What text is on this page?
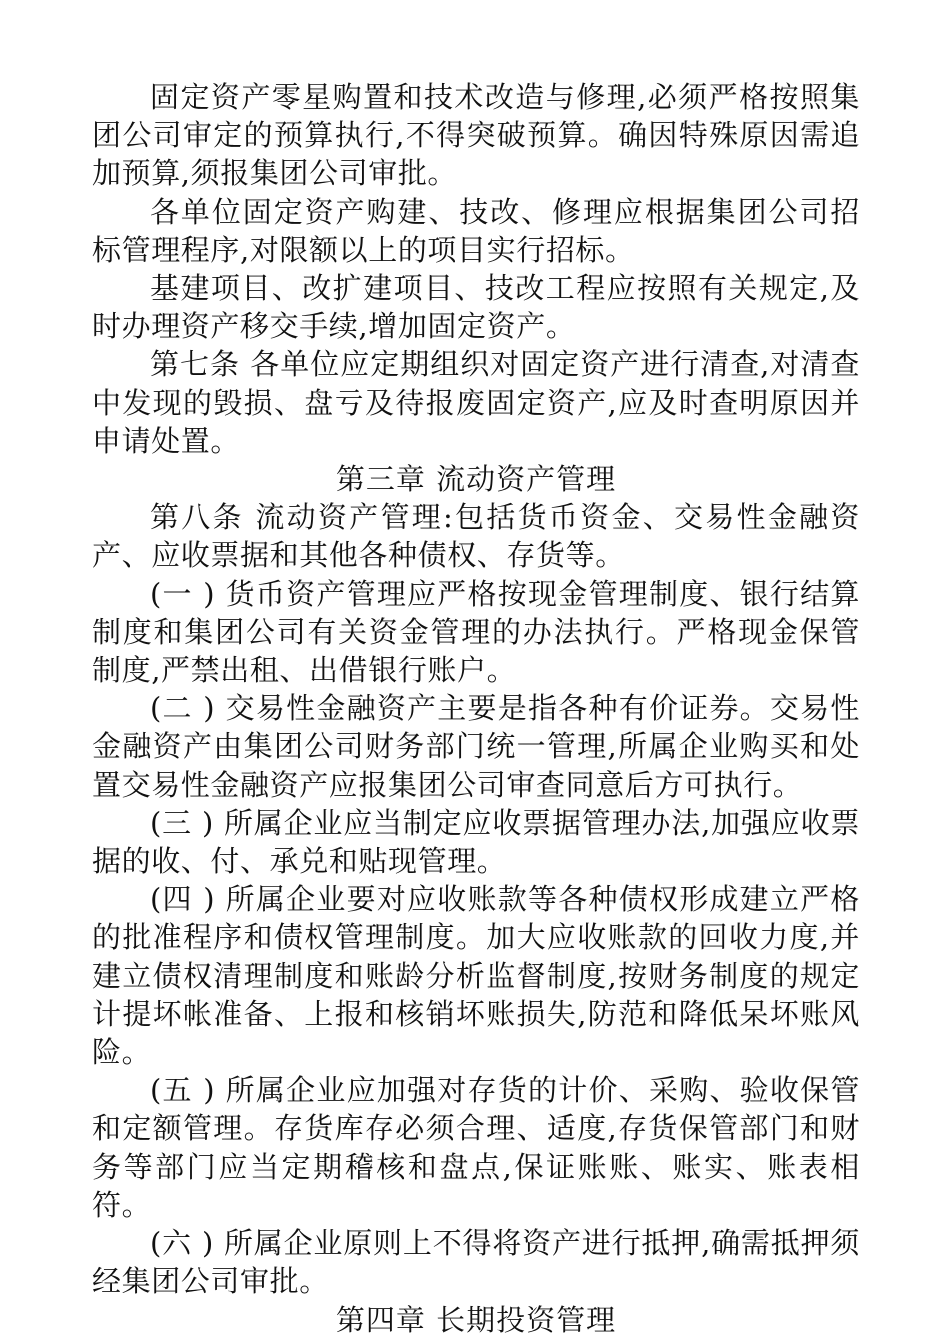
固定资产零星购置和技术改造与修理,必须严格按照集团公司审定的预算执行,不得突破预算。确因特殊原因需追加预算,须报集团公司审批。

各单位固定资产购建、技改、修理应根据集团公司招标管理程序,对限额以上的项目实行招标。

基建项目、改扩建项目、技改工程应按照有关规定,及时办理资产移交手续,增加固定资产。

第七条 各单位应定期组织对固定资产进行清查,对清查中发现的毁损、盘亏及待报废固定资产,应及时查明原因并申请处置。

第三章 流动资产管理

第八条 流动资产管理:包括货币资金、交易性金融资产、应收票据和其他各种债权、存货等。

(一 ) 货币资产管理应严格按现金管理制度、银行结算制度和集团公司有关资金管理的办法执行。严格现金保管制度,严禁出租、出借银行账户。

(二 ) 交易性金融资产主要是指各种有价证券。交易性金融资产由集团公司财务部门统一管理,所属企业购买和处置交易性金融资产应报集团公司审查同意后方可执行。

(三 ) 所属企业应当制定应收票据管理办法,加强应收票据的收、付、承兑和贴现管理。

(四 ) 所属企业要对应收账款等各种债权形成建立严格的批准程序和债权管理制度。加大应收账款的回收力度,并建立债权清理制度和账龄分析监督制度,按财务制度的规定计提坏帐准备、上报和核销坏账损失,防范和降低呆坏账风险。

(五 ) 所属企业应加强对存货的计价、采购、验收保管和定额管理。存货库存必须合理、适度,存货保管部门和财务等部门应当定期稽核和盘点,保证账账、账实、账表相符。

(六 ) 所属企业原则上不得将资产进行抵押,确需抵押须经集团公司审批。

第四章 长期投资管理
